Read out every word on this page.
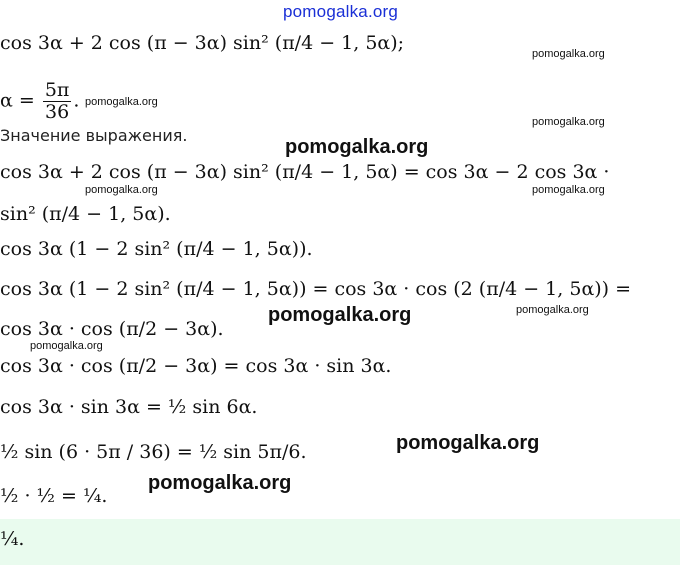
pomogalka.org
pomogalka.org
pomogalka.org
pomogalka.org
pomogalka.org
pomogalka.org	pomogalka.org
pomogalka.org	pomogalka.org
pomogalka.org
pomogalka.org
pomogalka.org
cos 3α + 2 cos (π − 3α) sin² (π/4 − 1, 5α);
$\alpha = \frac{5\pi}{36}$ .
Значение выражения.
cos 3α + 2 cos (π − 3α) sin² (π/4 − 1, 5α) = cos 3α − 2 cos 3α ·
sin² (π/4 − 1, 5α).
cos 3α (1 − 2 sin² (π/4 − 1, 5α)).
cos 3α (1 − 2 sin² (π/4 − 1, 5α)) = cos 3α · cos (2 (π/4 − 1, 5α)) =
cos 3α · cos (π/2 − 3α).
cos 3α · cos (π/2 − 3α) = cos 3α · sin 3α.
cos 3α · sin 3α = ½ sin 6α.
½ sin (6 · 5π / 36) = ½ sin 5π/6.
½ · ½ = ¼.
¼.
